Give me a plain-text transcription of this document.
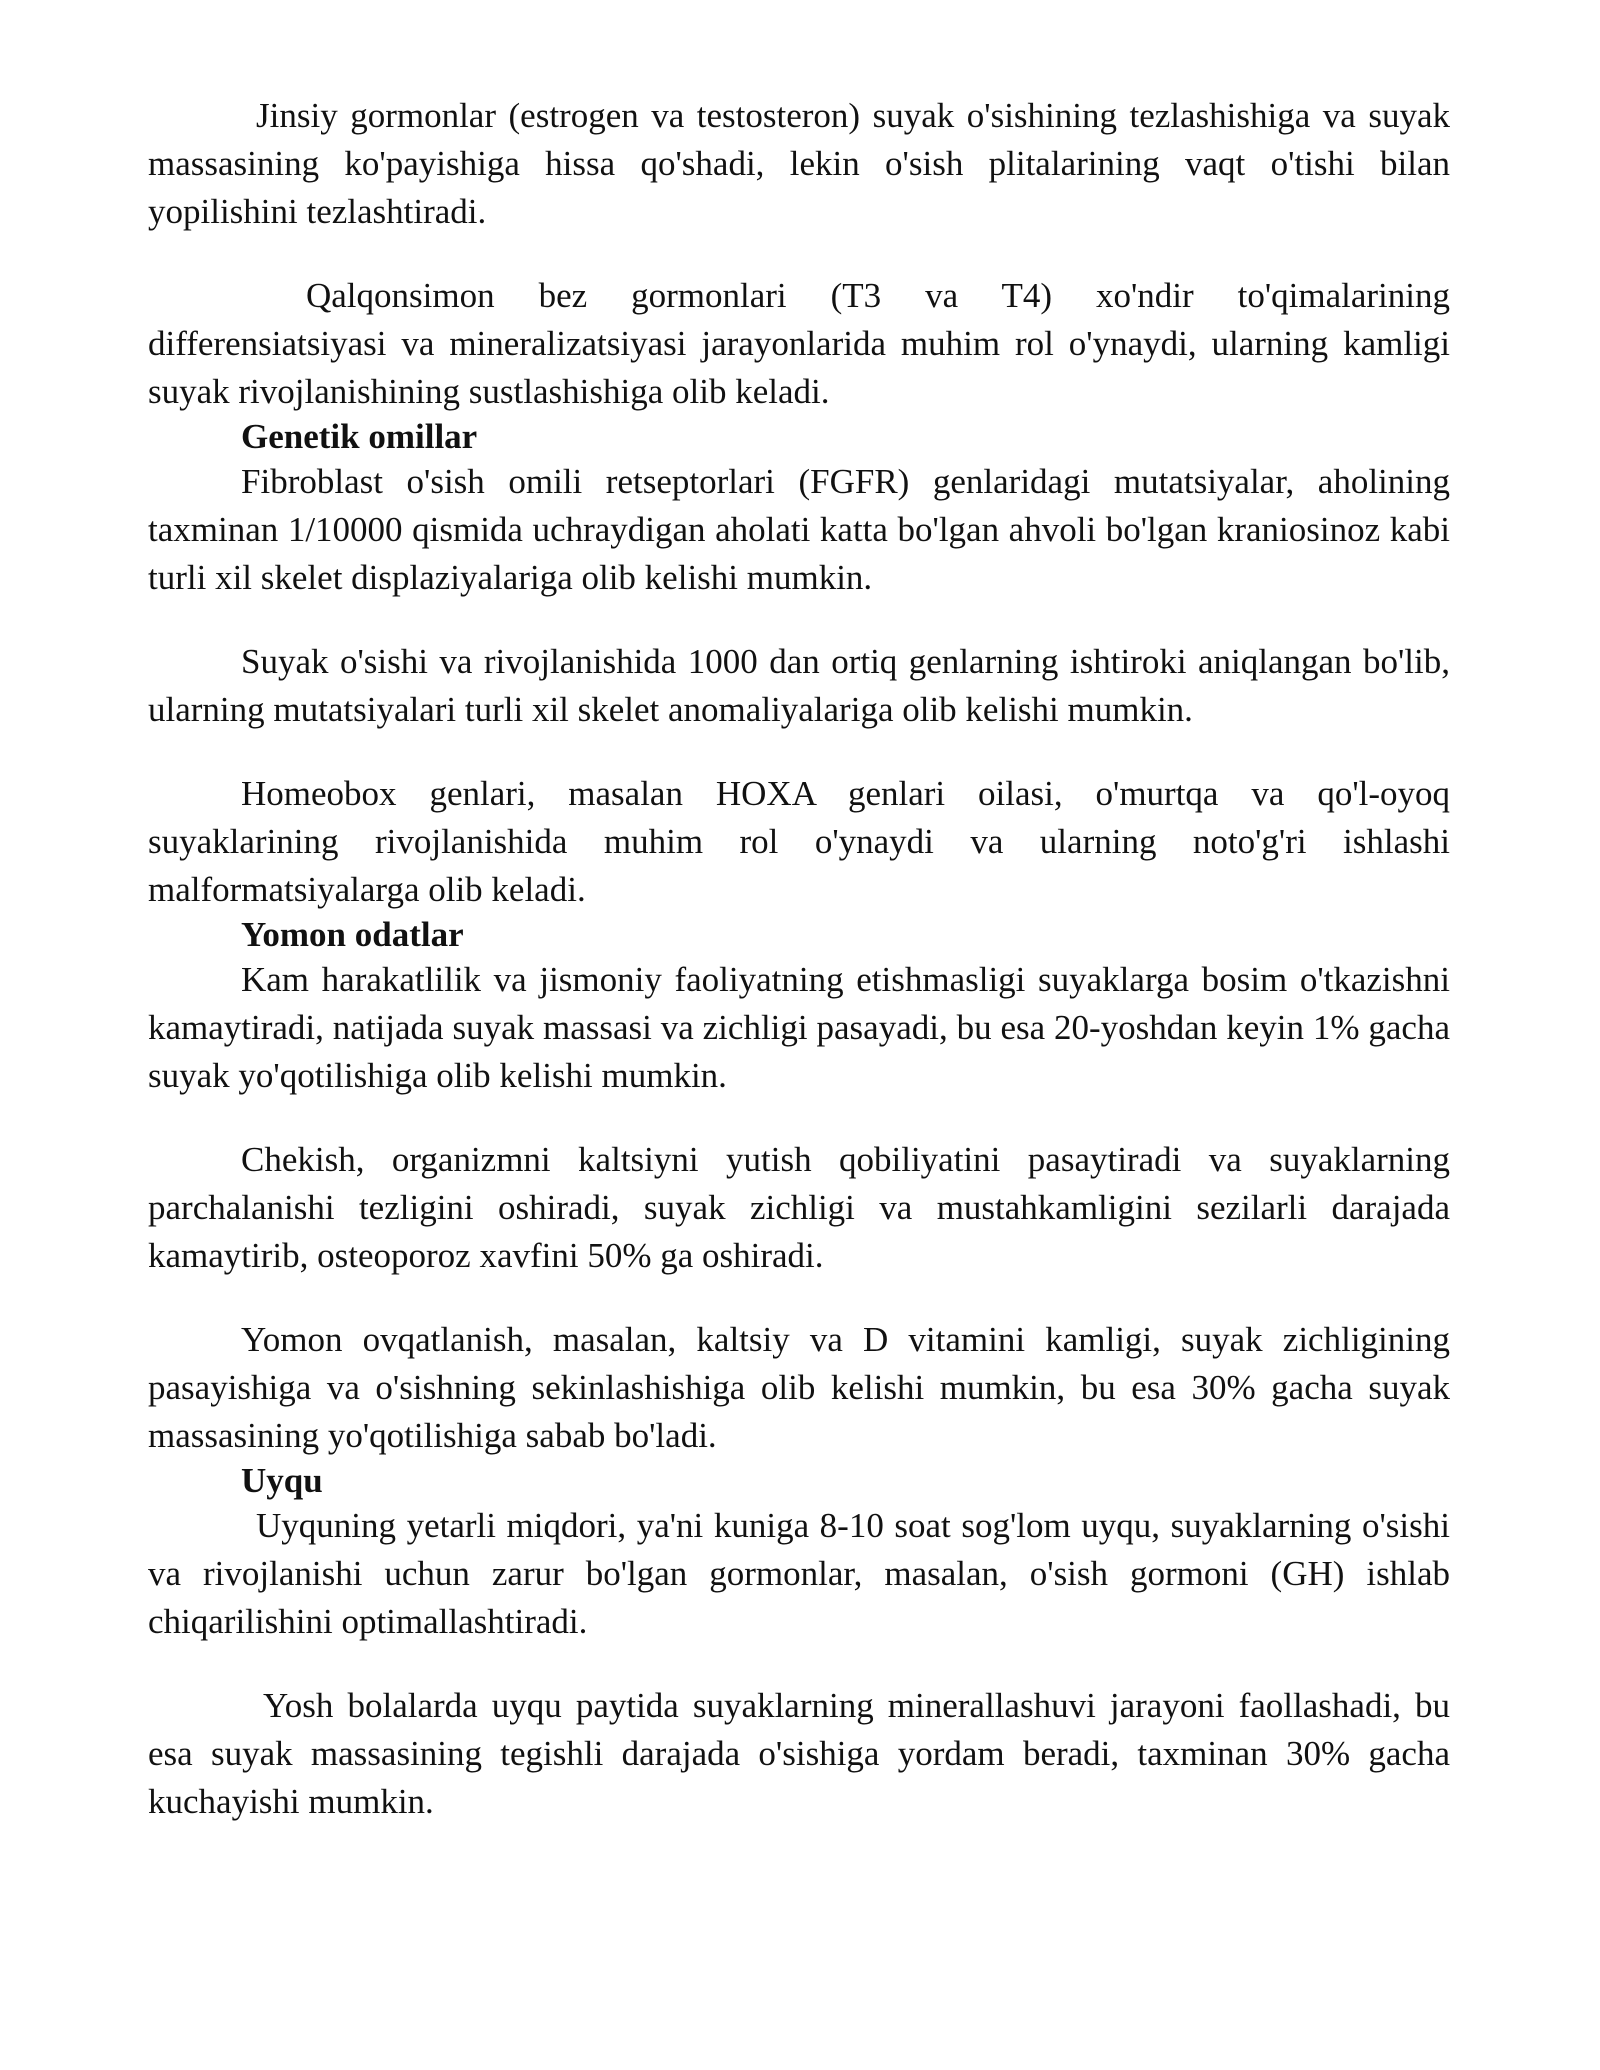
Jinsiy gormonlar (estrogen va testosteron) suyak o'sishining tezlashishiga va suyak massasining ko'payishiga hissa qo'shadi, lekin o'sish plitalarining vaqt o'tishi bilan yopilishini tezlashtiradi.

Qalqonsimon bez gormonlari (T3 va T4) xo'ndir to'qimalarining differensiatsiyasi va mineralizatsiyasi jarayonlarida muhim rol o'ynaydi, ularning kamligi suyak rivojlanishining sustlashishiga olib keladi.

Genetik omillar

Fibroblast o'sish omili retseptorlari (FGFR) genlaridagi mutatsiyalar, aholining taxminan 1/10000 qismida uchraydigan aholati katta bo'lgan ahvoli bo'lgan kraniosinoz kabi turli xil skelet displaziyalariga olib kelishi mumkin.

Suyak o'sishi va rivojlanishida 1000 dan ortiq genlarning ishtiroki aniqlangan bo'lib, ularning mutatsiyalari turli xil skelet anomaliyalariga olib kelishi mumkin.

Homeobox genlari, masalan HOXA genlari oilasi, o'murtqa va qo'l-oyoq suyaklarining rivojlanishida muhim rol o'ynaydi va ularning noto'g'ri ishlashi malformatsiyalarga olib keladi.

Yomon odatlar

Kam harakatlilik va jismoniy faoliyatning etishmasligi suyaklarga bosim o'tkazishni kamaytiradi, natijada suyak massasi va zichligi pasayadi, bu esa 20-yoshdan keyin 1% gacha suyak yo'qotilishiga olib kelishi mumkin.

Chekish, organizmni kaltsiyni yutish qobiliyatini pasaytiradi va suyaklarning parchalanishi tezligini oshiradi, suyak zichligi va mustahkamligini sezilarli darajada kamaytirib, osteoporoz xavfini 50% ga oshiradi.

Yomon ovqatlanish, masalan, kaltsiy va D vitamini kamligi, suyak zichligining pasayishiga va o'sishning sekinlashishiga olib kelishi mumkin, bu esa 30% gacha suyak massasining yo'qotilishiga sabab bo'ladi.

Uyqu

Uyquning yetarli miqdori, ya'ni kuniga 8-10 soat sog'lom uyqu, suyaklarning o'sishi va rivojlanishi uchun zarur bo'lgan gormonlar, masalan, o'sish gormoni (GH) ishlab chiqarilishini optimallashtiradi.

Yosh bolalarda uyqu paytida suyaklarning minerallashuvi jarayoni faollashadi, bu esa suyak massasining tegishli darajada o'sishiga yordam beradi, taxminan 30% gacha kuchayishi mumkin.
